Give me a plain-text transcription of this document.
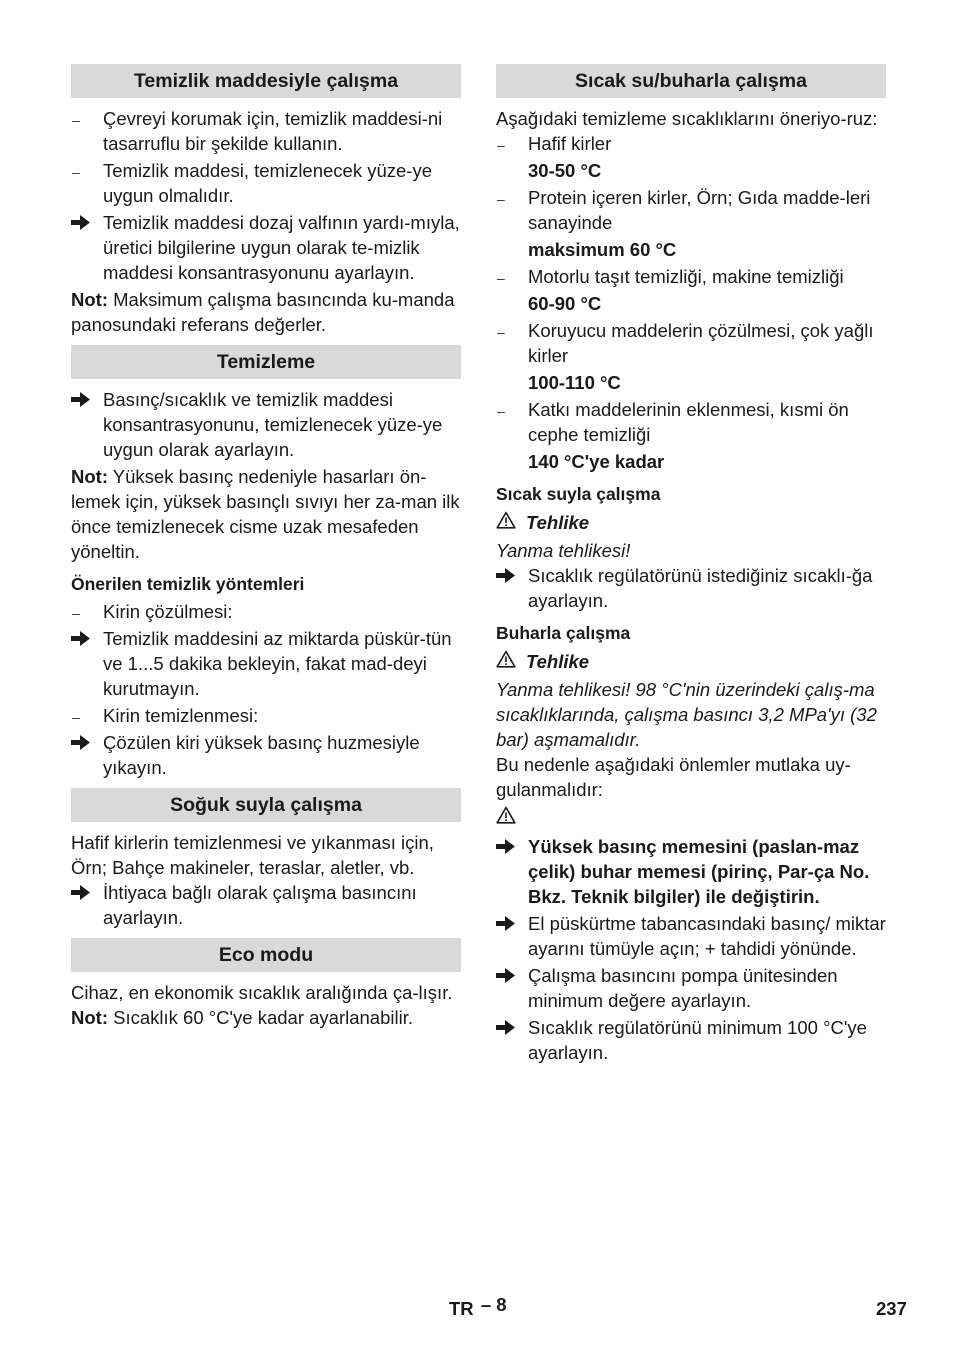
Temizlik maddesiyle çalışma
–
Çevreyi korumak için, temizlik maddesi-ni tasarruflu bir şekilde kullanın.
–
Temizlik maddesi, temizlenecek yüze-ye uygun olmalıdır.
Temizlik maddesi dozaj valfının yardı-mıyla, üretici bilgilerine uygun olarak te-mizlik maddesi konsantrasyonunu ayarlayın.
Not: Maksimum çalışma basıncında ku-manda panosundaki referans değerler.
Temizleme
Basınç/sıcaklık ve temizlik maddesi konsantrasyonunu, temizlenecek yüze-ye uygun olarak ayarlayın.
Not: Yüksek basınç nedeniyle hasarları ön-lemek için, yüksek basınçlı sıvıyı her za-man ilk önce temizlenecek cisme uzak mesafeden yöneltin.
Önerilen temizlik yöntemleri
–
Kirin çözülmesi:
Temizlik maddesini az miktarda püskür-tün ve 1...5 dakika bekleyin, fakat mad-deyi kurutmayın.
–
Kirin temizlenmesi:
Çözülen kiri yüksek basınç huzmesiyle yıkayın.
Soğuk suyla çalışma
Hafif kirlerin temizlenmesi ve yıkanması için, Örn; Bahçe makineler, teraslar, aletler, vb.
İhtiyaca bağlı olarak çalışma basıncını ayarlayın.
Eco modu
Cihaz, en ekonomik sıcaklık aralığında ça-lışır.
Not: Sıcaklık 60 °C'ye kadar ayarlanabilir.
Sıcak su/buharla çalışma
Aşağıdaki temizleme sıcaklıklarını öneriyo-ruz:
–
Hafif kirler
30-50 °C
–
Protein içeren kirler, Örn; Gıda madde-leri sanayinde
maksimum 60 °C
–
Motorlu taşıt temizliği, makine temizliği
60-90 °C
–
Koruyucu maddelerin çözülmesi, çok yağlı kirler
100-110 °C
–
Katkı maddelerinin eklenmesi, kısmi ön cephe temizliği
140 °C'ye kadar
Sıcak suyla çalışma
Tehlike
Yanma tehlikesi!
Sıcaklık regülatörünü istediğiniz sıcaklı-ğa ayarlayın.
Buharla çalışma
Tehlike
Yanma tehlikesi! 98 °C'nin üzerindeki çalış-ma sıcaklıklarında, çalışma basıncı 3,2 MPa'yı (32 bar) aşmamalıdır.
Bu nedenle aşağıdaki önlemler mutlaka uy-gulanmalıdır:
Yüksek basınç memesini (paslan-maz çelik) buhar memesi (pirinç, Par-ça No. Bkz. Teknik bilgiler) ile değiştirin.
El püskürtme tabancasındaki basınç/ miktar ayarını tümüyle açın; + tahdidi yönünde.
Çalışma basıncını pompa ünitesinden minimum değere ayarlayın.
Sıcaklık regülatörünü minimum 100 °C'ye ayarlayın.
TR – 8	237
